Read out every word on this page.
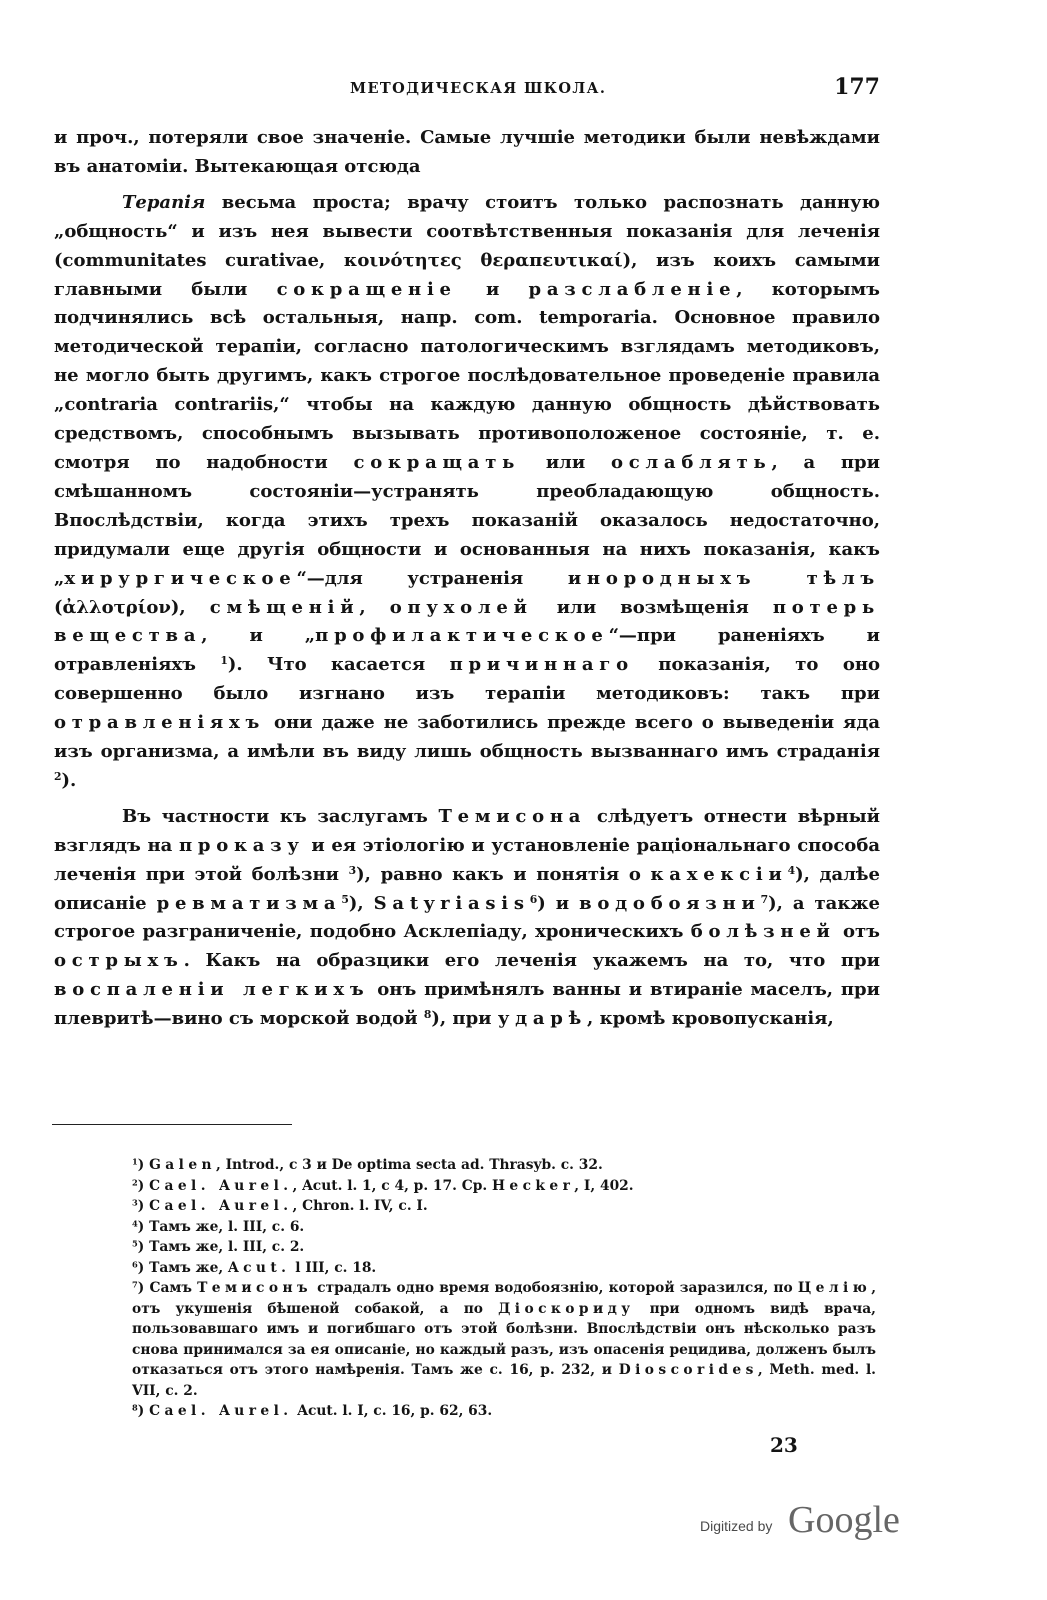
МЕТОДИЧЕСКАЯ ШКОЛА.	177

и проч., потеряли свое значеніе. Самые лучшіе методики были невѣждами въ анатоміи. Вытекающая отсюда

Терапія весьма проста; врачу стоитъ только распознать данную „общность“ и изъ нея вывести соотвѣтственныя показанія для леченія (communitates curativae, κοινότητες θεραπευτικαί), изъ коихъ самыми главными были сокращеніе и разслабленіе, которымъ подчинялись всѣ остальныя, напр. com. temporaria. Основное правило методической терапіи, согласно патологическимъ взглядамъ методиковъ, не могло быть другимъ, какъ строгое послѣдовательное проведеніе правила „contraria contrariis,“ чтобы на каждую данную общность дѣйствовать средствомъ, способнымъ вызывать противоположеное состояніе, т. е. смотря по надобности сокращать или ослаблять, а при смѣшанномъ состояніи—устранять преобладающую общность. Впослѣдствіи, когда этихъ трехъ показаній оказалось недостаточно, придумали еще другія общности и основанныя на нихъ показанія, какъ „хирургическое“—для устраненія инородныхъ тѣлъ (ἀλλοτρίον), смѣщеній, опухолей или возмѣщенія потерь вещества, и „профилактическое“—при раненіяхъ и отравленіяхъ $^1$). Что касается причиннаго показанія, то оно совершенно было изгнано изъ терапіи методиковъ: такъ при отравленіяхъ они даже не заботились прежде всего о выведеніи яда изъ организма, а имѣли въ виду лишь общность вызваннаго имъ страданія $^2$).

Въ частности къ заслугамъ Темисона слѣдуетъ отнести вѣрный взглядъ на проказу и ея этіологію и установленіе раціональнаго способа леченія при этой болѣзни $^3$), равно какъ и понятія о кахексіи$^4$), далѣе описаніе ревматизма$^5$), Satyriasis$^6$) и водобоязни$^7$), а также строгое разграниченіе, подобно Асклепіаду, хроническихъ болѣзней отъ острыхъ. Какъ на образцики его леченія укажемъ на то, что при воспаленіи легкихъ онъ примѣнялъ ванны и втираніе маселъ, при плевритѣ—вино съ морской водой $^8$), при ударѣ, кромѣ кровопусканія,

$^1$) Galen, Introd., c 3 и De optima secta ad. Thrasyb. c. 32.
$^2$) Cael. Aurel., Acut. l. 1, c 4, p. 17. Cp. Hecker, I, 402.
$^3$) Cael. Aurel., Chron. l. IV, c. I.
$^4$) Тамъ же, l. III, c. 6.
$^5$) Тамъ же, l. III, c. 2.
$^6$) Тамъ же, Acut. l III, c. 18.
$^7$) Самъ Темисонъ страдалъ одно время водобоязнію, которой заразился, по Целію, отъ укушенія бѣшеной собакой, а по Діоскориду при одномъ видѣ врача, пользовавшаго имъ и погибшаго отъ этой болѣзни. Впослѣдствіи онъ нѣсколько разъ снова принимался за ея описаніе, но каждый разъ, изъ опасенія рецидива, долженъ былъ отказаться отъ этого намѣренія. Тамъ же c. 16, p. 232, и Dioscorides, Meth. med. l. VII, c. 2.
$^8$) Cael. Aurel. Acut. l. I, c. 16, p. 62, 63.
23
Digitized by Google
